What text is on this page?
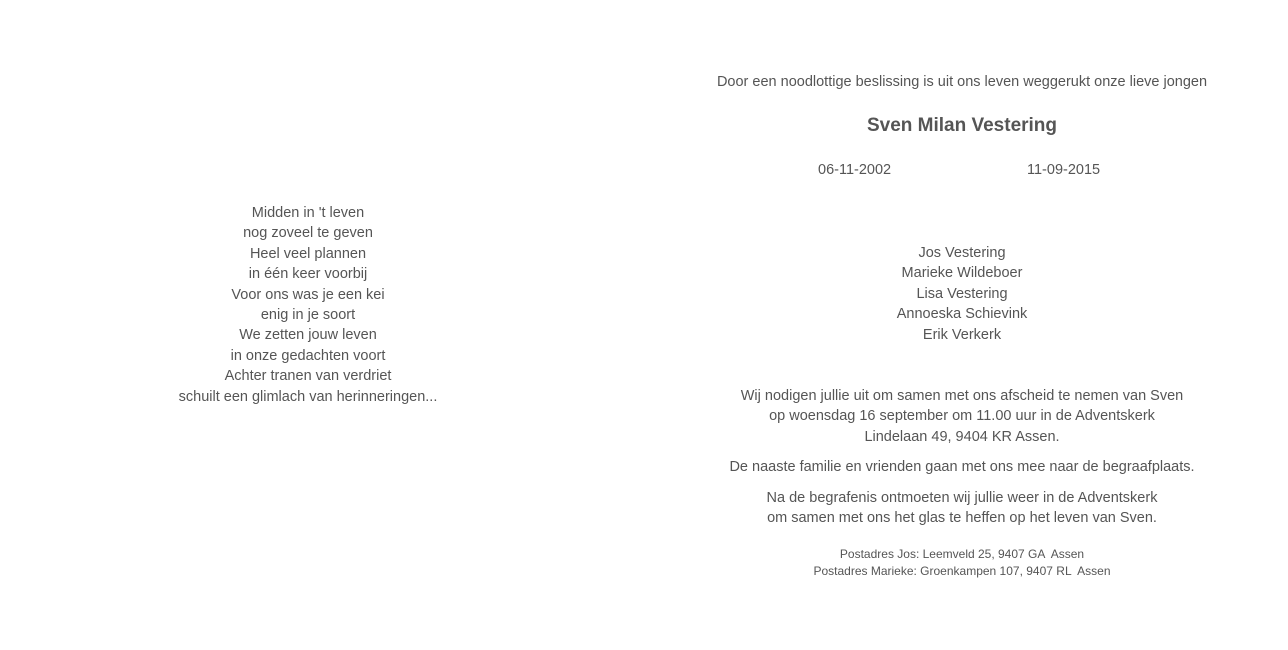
Midden in 't leven
nog zoveel te geven
Heel veel plannen
in één keer voorbij
Voor ons was je een kei
enig in je soort
We zetten jouw leven
in onze gedachten voort
Achter tranen van verdriet
schuilt een glimlach van herinneringen...
Door een noodlottige beslissing is uit ons leven weggerukt onze lieve jongen
Sven Milan Vestering
06-11-2002	11-09-2015
Jos Vestering
Marieke Wildeboer
Lisa Vestering
Annoeska Schievink
Erik Verkerk
Wij nodigen jullie uit om samen met ons afscheid te nemen van Sven
op woensdag 16 september om 11.00 uur in de Adventskerk
Lindelaan 49, 9404 KR Assen.
De naaste familie en vrienden gaan met ons mee naar de begraafplaats.
Na de begrafenis ontmoeten wij jullie weer in de Adventskerk
om samen met ons het glas te heffen op het leven van Sven.
Postadres Jos: Leemveld 25, 9407 GA  Assen
Postadres Marieke: Groenkampen 107, 9407 RL  Assen
